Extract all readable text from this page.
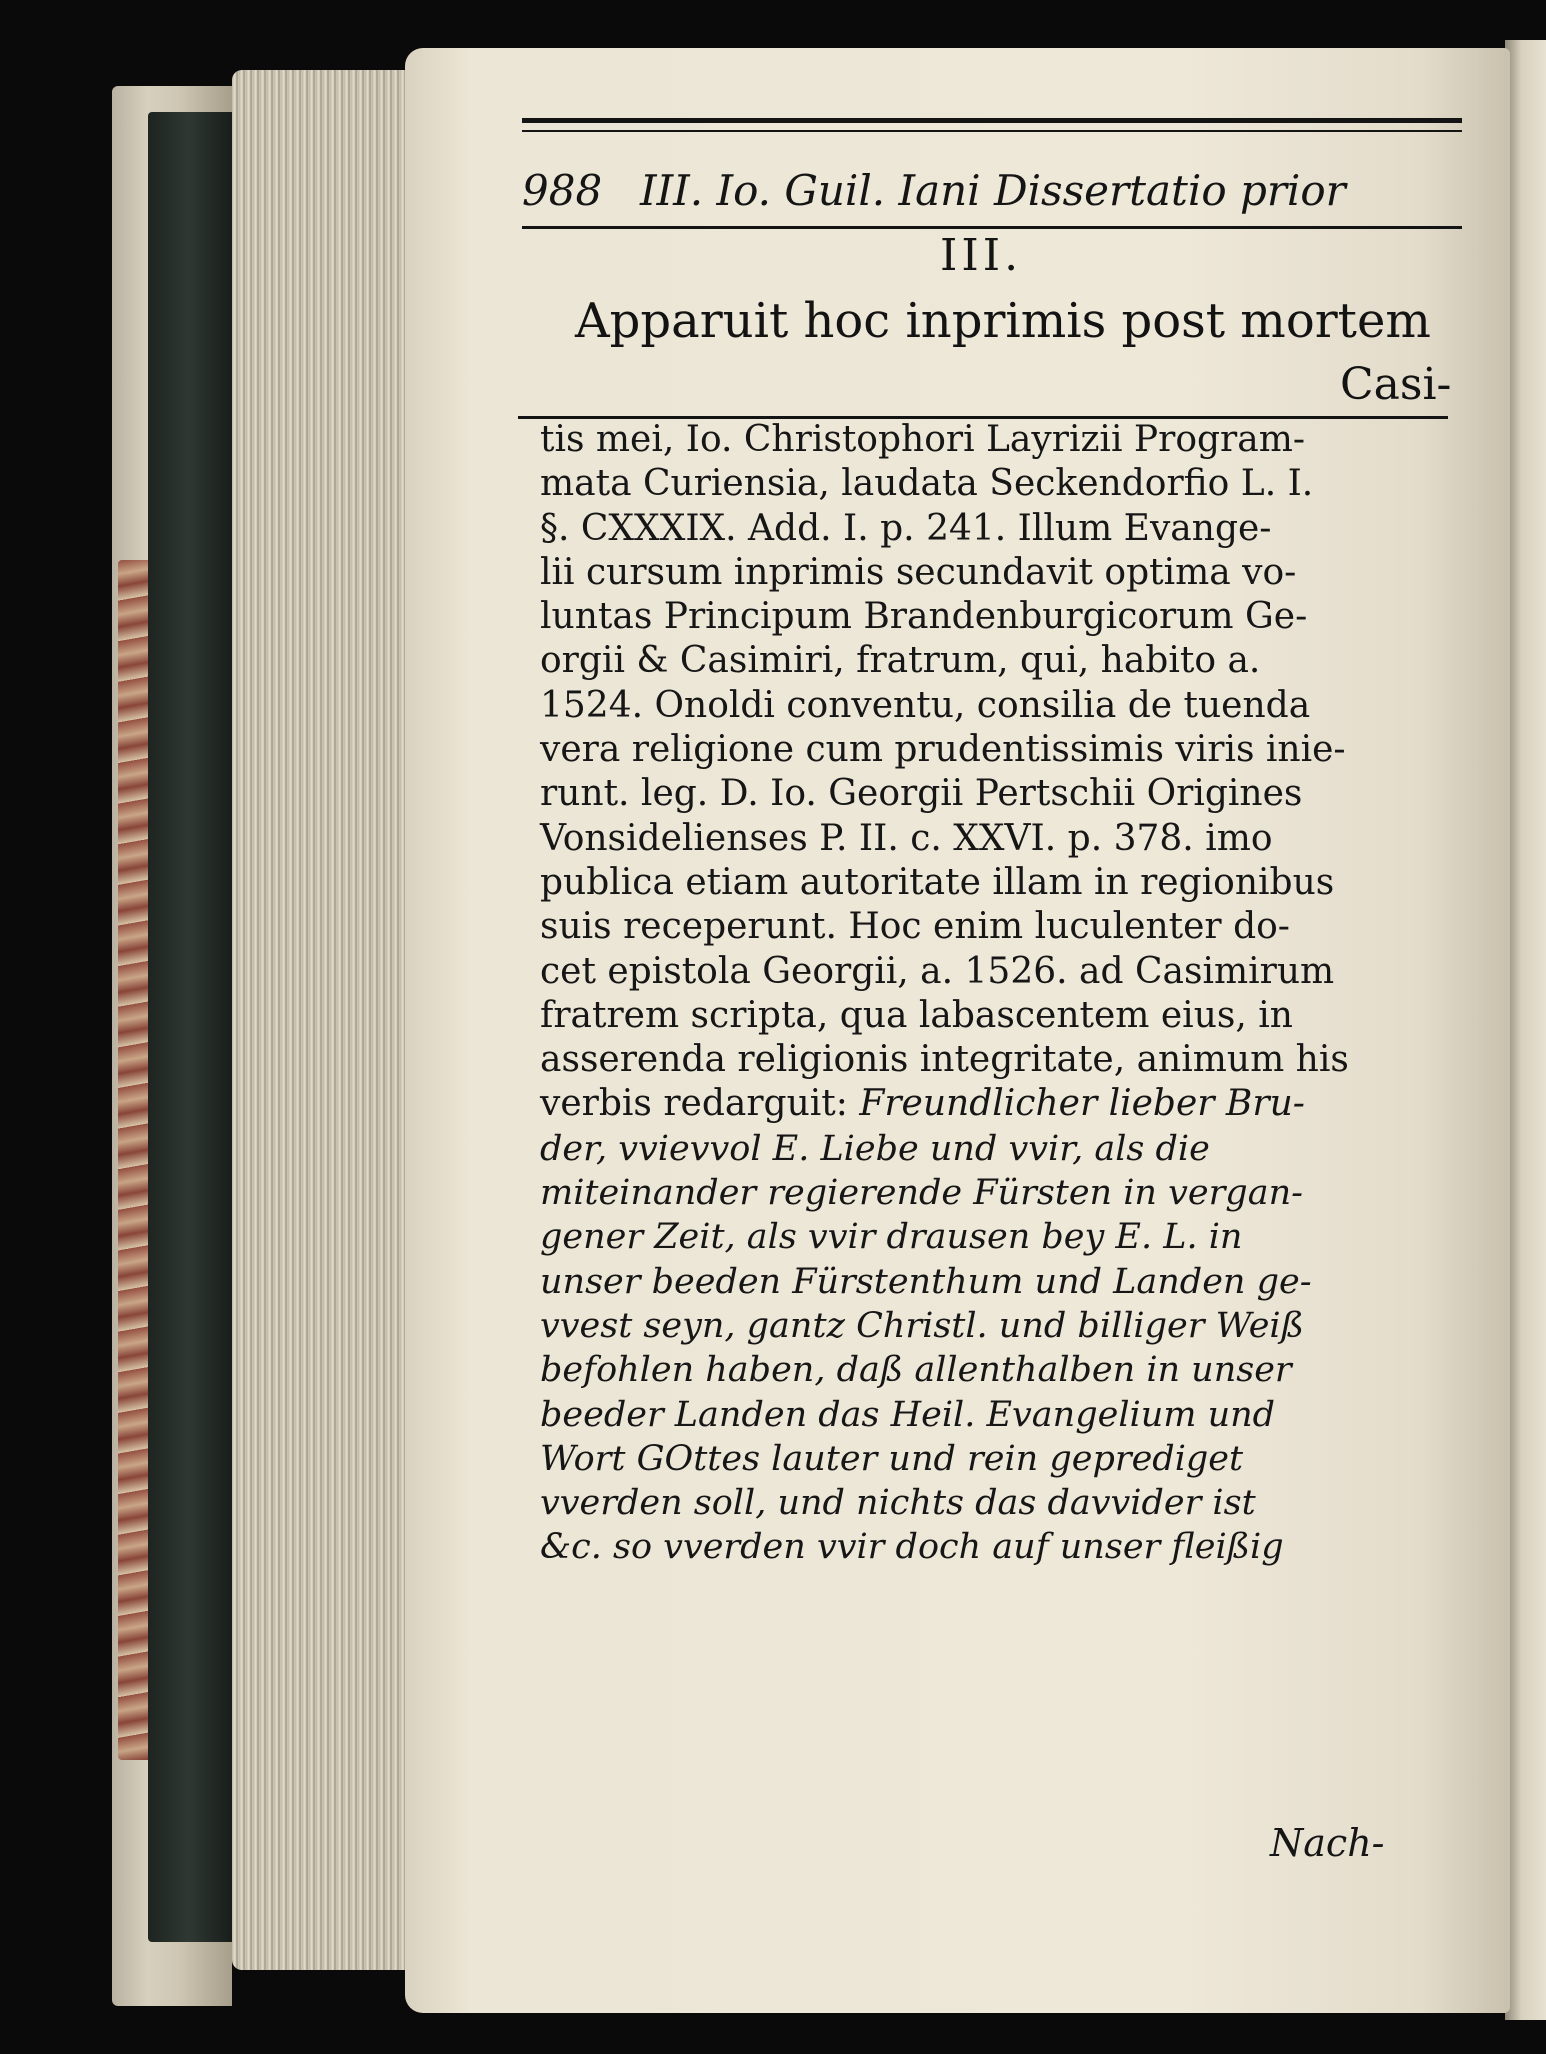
988 III. Io. Guil. Iani Dissertatio prior
III.
Apparuit hoc inprimis post mortem
Casi-
tis mei, Io. Christophori Layrizii Program-
mata Curiensia, laudata Seckendorfio L. I.
§. CXXXIX. Add. I. p. 241. Illum Evange-
lii cursum inprimis secundavit optima vo-
luntas Principum Brandenburgicorum Ge-
orgii & Casimiri, fratrum, qui, habito a.
1524. Onoldi conventu, consilia de tuenda
vera religione cum prudentissimis viris inie-
runt. leg. D. Io. Georgii Pertschii Origines
Vonsidelienses P. II. c. XXVI. p. 378. imo
publica etiam autoritate illam in regionibus
suis receperunt. Hoc enim luculenter do-
cet epistola Georgii, a. 1526. ad Casimirum
fratrem scripta, qua labascentem eius, in
asserenda religionis integritate, animum his
verbis redarguit: Freundlicher lieber Bru-
der, vvievvol E. Liebe und vvir, als die
miteinander regierende Fürsten in vergan-
gener Zeit, als vvir drausen bey E. L. in
unser beeden Fürstenthum und Landen ge-
vvest seyn, gantz Christl. und billiger Weiß
befohlen haben, daß allenthalben in unser
beeder Landen das Heil. Evangelium und
Wort GOttes lauter und rein geprediget
vverden soll, und nichts das davvider ist
&c. so vverden vvir doch auf unser fleißig
Nach-
